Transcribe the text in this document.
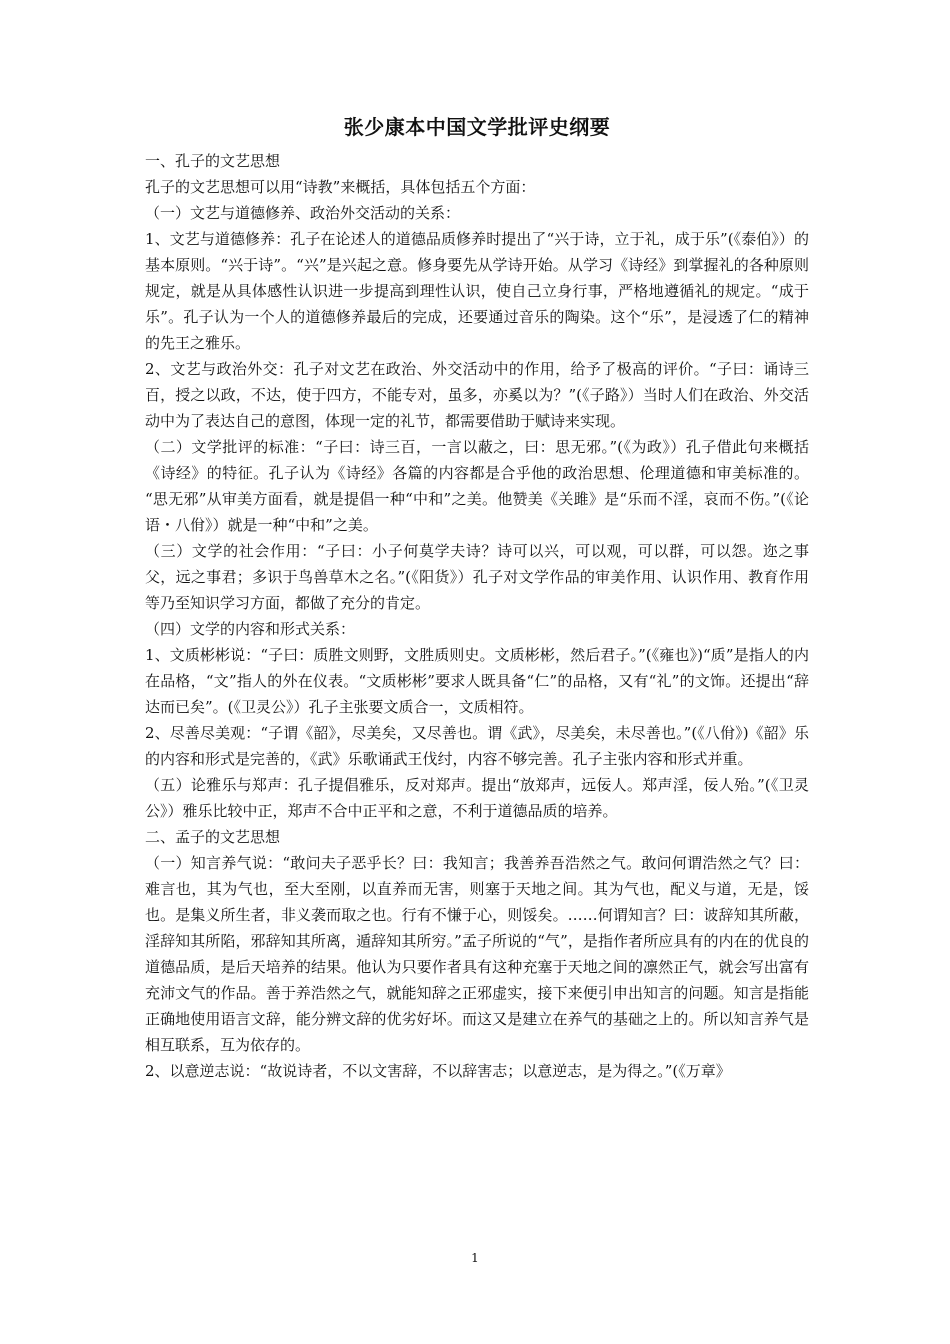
张少康本中国文学批评史纲要

一、孔子的文艺思想

孔子的文艺思想可以用“诗教”来概括，具体包括五个方面：

（一）文艺与道德修养、政治外交活动的关系：

1、文艺与道德修养：孔子在论述人的道德品质修养时提出了“兴于诗，立于礼，成于乐”(《泰伯》）的基本原则。“兴于诗”。“兴”是兴起之意。修身要先从学诗开始。从学习《诗经》到掌握礼的各种原则规定，就是从具体感性认识进一步提高到理性认识，使自己立身行事，严格地遵循礼的规定。“成于乐”。孔子认为一个人的道德修养最后的完成，还要通过音乐的陶染。这个“乐”，是浸透了仁的精神的先王之雅乐。

2、文艺与政治外交：孔子对文艺在政治、外交活动中的作用，给予了极高的评价。“子曰：诵诗三百，授之以政，不达，使于四方，不能专对，虽多，亦奚以为？”(《子路》）当时人们在政治、外交活动中为了表达自己的意图，体现一定的礼节，都需要借助于赋诗来实现。

（二）文学批评的标准：“子曰：诗三百，一言以蔽之，曰：思无邪。”(《为政》）孔子借此句来概括《诗经》的特征。孔子认为《诗经》各篇的内容都是合乎他的政治思想、伦理道德和审美标准的。 “思无邪”从审美方面看，就是提倡一种“中和”之美。他赞美《关雎》是“乐而不淫，哀而不伤。”(《论语・八佾》）就是一种“中和”之美。

（三）文学的社会作用：“子曰：小子何莫学夫诗？诗可以兴，可以观，可以群，可以怨。迩之事父，远之事君；多识于鸟兽草木之名。”(《阳货》）孔子对文学作品的审美作用、认识作用、教育作用等乃至知识学习方面，都做了充分的肯定。

（四）文学的内容和形式关系：

1、文质彬彬说：“子曰：质胜文则野，文胜质则史。文质彬彬，然后君子。”(《雍也》)“质”是指人的内在品格，“文”指人的外在仪表。“文质彬彬”要求人既具备“仁”的品格，又有“礼”的文饰。还提出“辞达而已矣”。(《卫灵公》）孔子主张要文质合一，文质相符。

2、尽善尽美观：“子谓《韶》，尽美矣，又尽善也。谓《武》，尽美矣，未尽善也。”(《八佾》)《韶》乐的内容和形式是完善的，《武》乐歌诵武王伐纣，内容不够完善。孔子主张内容和形式并重。

（五）论雅乐与郑声：孔子提倡雅乐，反对郑声。提出“放郑声，远佞人。郑声淫，佞人殆。”(《卫灵公》）雅乐比较中正，郑声不合中正平和之意，不利于道德品质的培养。

二、孟子的文艺思想

（一）知言养气说：“敢问夫子恶乎长？曰：我知言；我善养吾浩然之气。敢问何谓浩然之气？曰：难言也，其为气也，至大至刚，以直养而无害，则塞于天地之间。其为气也，配义与道，无是，馁也。是集义所生者，非义袭而取之也。行有不慊于心，则馁矣。……何谓知言？曰：诐辞知其所蔽，淫辞知其所陷，邪辞知其所离，遁辞知其所穷。”孟子所说的“气”，是指作者所应具有的内在的优良的道德品质，是后天培养的结果。他认为只要作者具有这种充塞于天地之间的凛然正气，就会写出富有充沛文气的作品。善于养浩然之气，就能知辞之正邪虚实，接下来便引申出知言的问题。知言是指能正确地使用语言文辞，能分辨文辞的优劣好坏。而这又是建立在养气的基础之上的。所以知言养气是相互联系，互为依存的。

2、以意逆志说：“故说诗者，不以文害辞，不以辞害志；以意逆志，是为得之。”(《万章》

1
